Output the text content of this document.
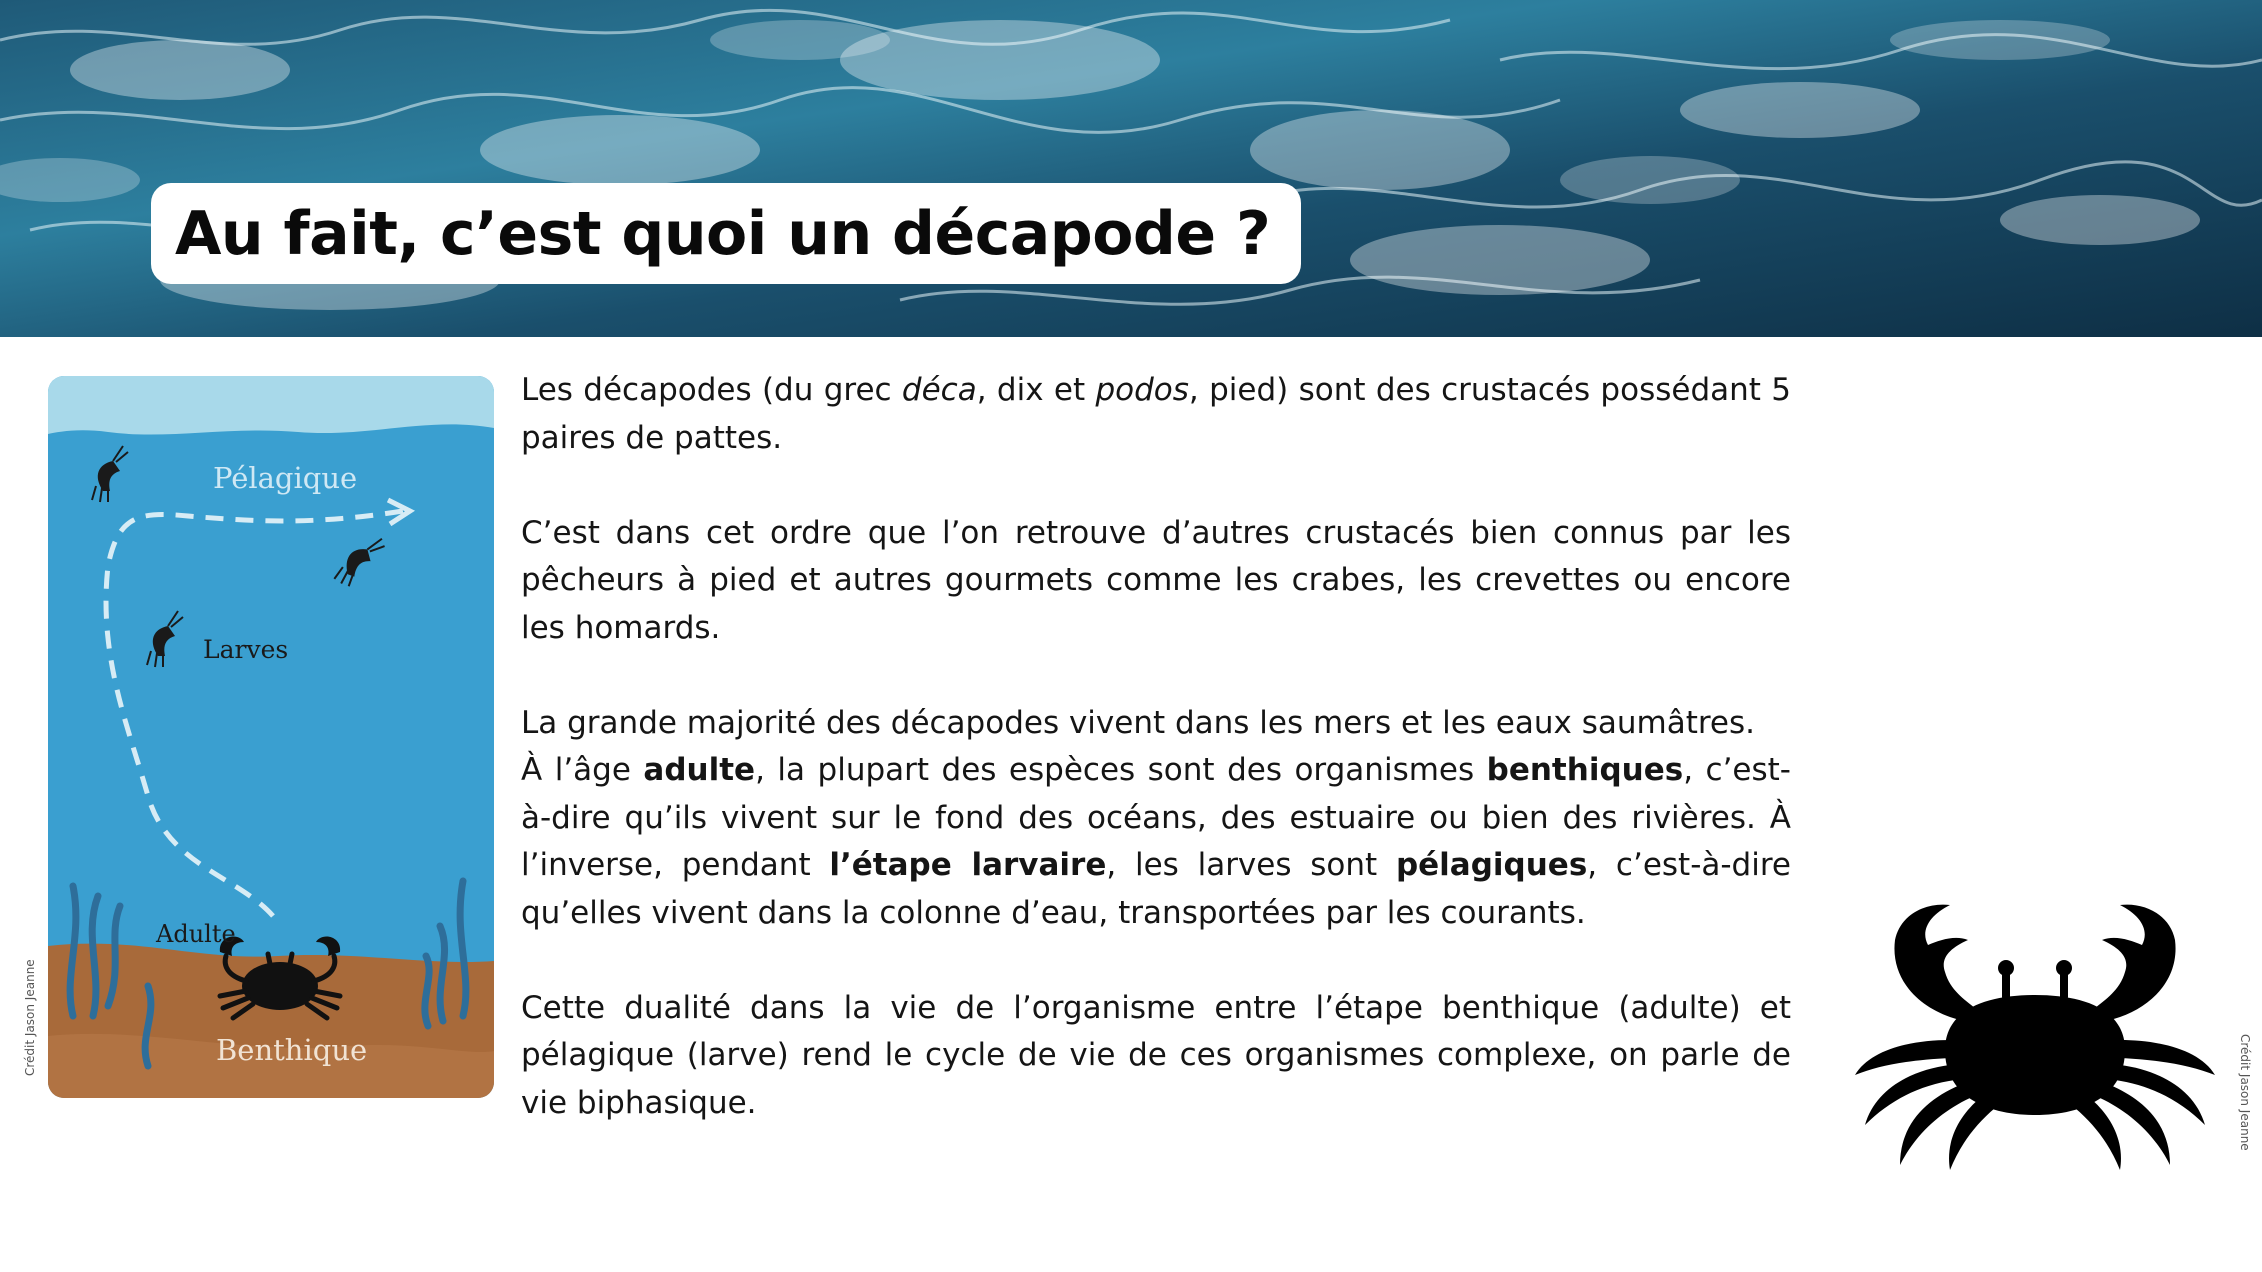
Au fait, c’est quoi un décapode ?
Pélagique
Larves
Adulte
Benthique
Crédit Jason Jeanne

Les décapodes (du grec déca, dix et podos, pied) sont des crustacés possédant 5 paires de pattes.

C’est dans cet ordre que l’on retrouve d’autres crustacés bien connus par les pêcheurs à pied et autres gourmets comme les crabes, les crevettes ou encore les homards.

La grande majorité des décapodes vivent dans les mers et les eaux saumâtres.

À l’âge adulte, la plupart des espèces sont des organismes benthiques, c’est-à-dire qu’ils vivent sur le fond des océans, des estuaire ou bien des rivières. À l’inverse, pendant l’étape larvaire, les larves sont pélagiques, c’est-à-dire qu’elles vivent dans la colonne d’eau, transportées par les courants.

Cette dualité dans la vie de l’organisme entre l’étape benthique (adulte) et pélagique (larve) rend le cycle de vie de ces organismes complexe, on parle de vie biphasique.	Crédit Jason Jeanne
